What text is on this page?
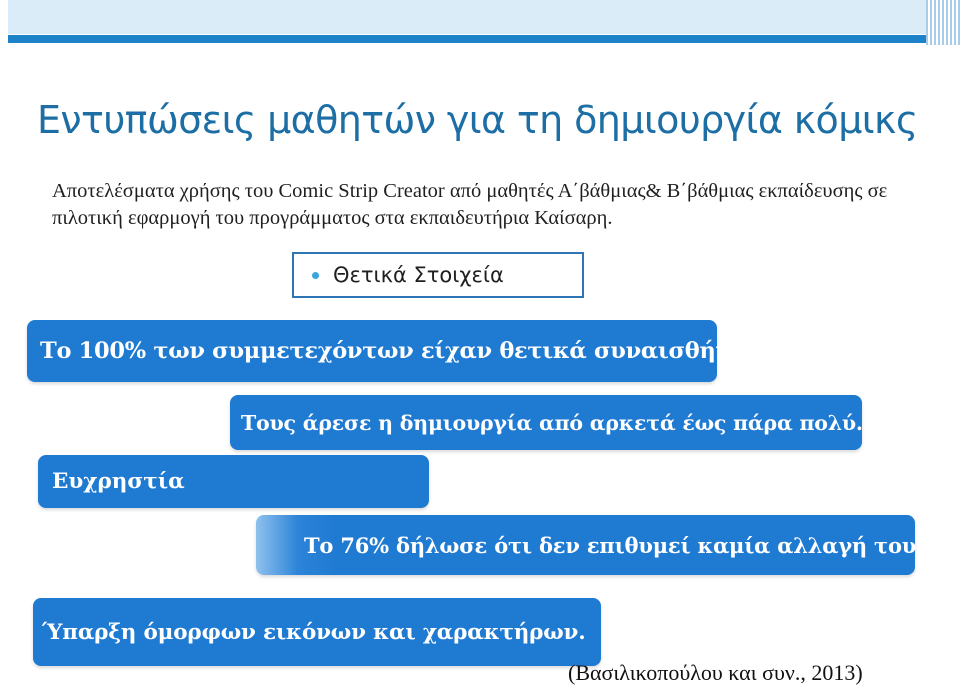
Εντυπώσεις μαθητών για τη δημιουργία κόμικς

Αποτελέσματα χρήσης του Comic Strip Creator από μαθητές Α΄βάθμιας& Β΄βάθμιας εκπαίδευσης σε πιλοτική εφαρμογή του προγράμματος στα εκπαιδευτήρια Καίσαρη.

Θετικά Στοιχεία
Το 100% των συμμετεχόντων είχαν θετικά συναισθήματα.
Τους άρεσε η δημιουργία από αρκετά έως πάρα πολύ.
Ευχρηστία
Το 76% δήλωσε ότι δεν επιθυμεί καμία αλλαγή του.
Ύπαρξη όμορφων εικόνων και χαρακτήρων.

(Βασιλικοπούλου και συν., 2013)
